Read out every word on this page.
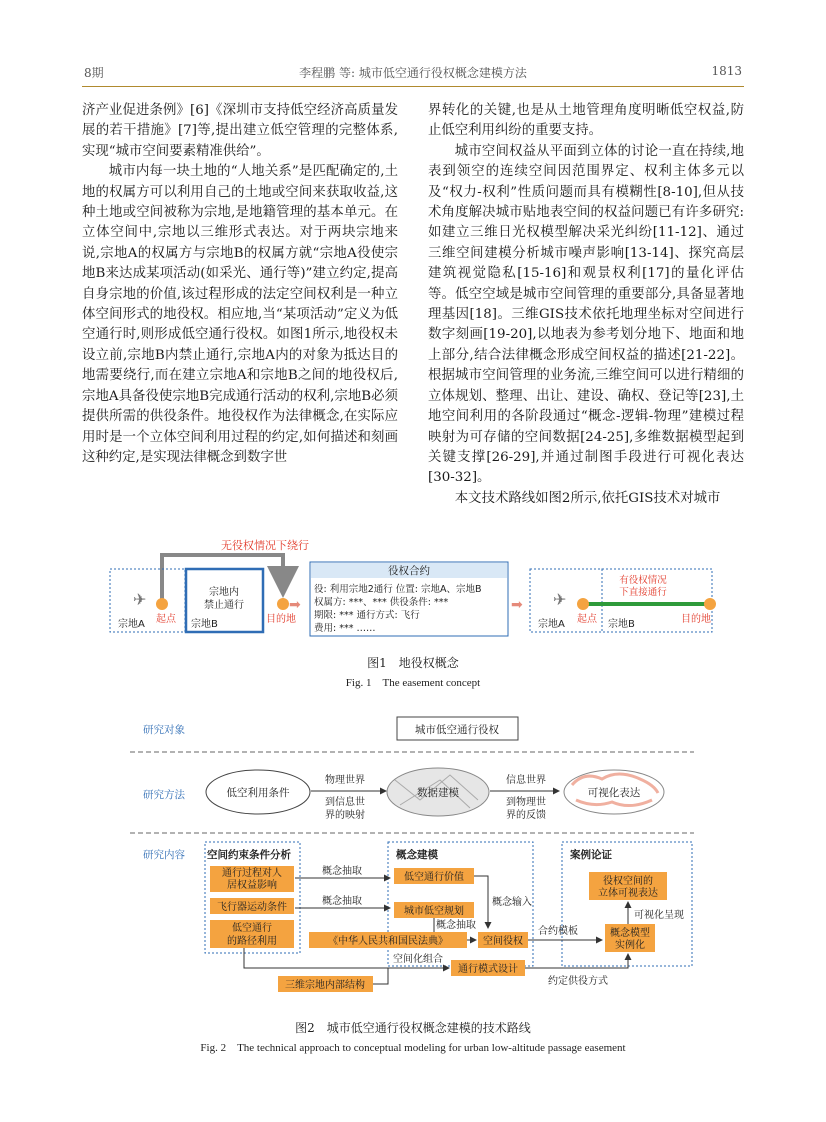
8期	李程鹏 等: 城市低空通行役权概念建模方法	1813

济产业促进条例》[6]《深圳市支持低空经济高质量发展的若干措施》[7]等,提出建立低空管理的完整体系,实现“城市空间要素精准供给”。

城市内每一块土地的“人地关系”是匹配确定的,土地的权属方可以利用自己的土地或空间来获取收益,这种土地或空间被称为宗地,是地籍管理的基本单元。在立体空间中,宗地以三维形式表达。对于两块宗地来说,宗地A的权属方与宗地B的权属方就“宗地A役使宗地B来达成某项活动(如采光、通行等)”建立约定,提高自身宗地的价值,该过程形成的法定空间权利是一种立体空间形式的地役权。相应地,当“某项活动”定义为低空通行时,则形成低空通行役权。如图1所示,地役权未设立前,宗地B内禁止通行,宗地A内的对象为抵达目的地需要绕行,而在建立宗地A和宗地B之间的地役权后,宗地A具备役使宗地B完成通行活动的权利,宗地B必须提供所需的供役条件。地役权作为法律概念,在实际应用时是一个立体空间利用过程的约定,如何描述和刻画这种约定,是实现法律概念到数字世

界转化的关键,也是从土地管理角度明晰低空权益,防止低空利用纠纷的重要支持。

城市空间权益从平面到立体的讨论一直在持续,地表到领空的连续空间因范围界定、权利主体多元以及“权力-权利”性质问题而具有模糊性[8-10],但从技术角度解决城市贴地表空间的权益问题已有许多研究:如建立三维日光权模型解决采光纠纷[11-12]、通过三维空间建模分析城市噪声影响[13-14]、探究高层建筑视觉隐私[15-16]和观景权利[17]的量化评估等。低空空域是城市空间管理的重要部分,具备显著地理基因[18]。三维GIS技术依托地理坐标对空间进行数字刻画[19-20],以地表为参考划分地下、地面和地上部分,结合法律概念形成空间权益的描述[21-22]。根据城市空间管理的业务流,三维空间可以进行精细的立体规划、整理、出让、建设、确权、登记等[23],土地空间利用的各阶段通过“概念-逻辑-物理”建模过程映射为可存储的空间数据[24-25],多维数据模型起到关键支撑[26-29],并通过制图手段进行可视化表达[30-32]。

本文技术路线如图2所示,依托GIS技术对城市

无役权情况下绕行
宗地A
✈
起点
宗地内
禁止通行
宗地B	目的地
➡
役权合约
役: 利用宗地2通行 位置: 宗地A、宗地B
权属方: ***、*** 供役条件: ***
期限: *** 通行方式: 飞行
费用: *** ……
➡
宗地A	宗地B
✈
起点	目的地
有役权情况
下直接通行
图1　地役权概念
Fig. 1　The easement concept
研究对象
研究方法
研究内容
城市低空通行役权
低空利用条件
物理世界
到信息世
界的映射
数据建模
信息世界
到物理世
界的反馈
可视化表达
空间约束条件分析
通行过程对人
居权益影响
飞行器运动条件
低空通行
的路径利用
概念建模
低空通行价值
城市低空规划
《中华人民共和国民法典》	空间役权
通行模式设计
案例论证
役权空间的
立体可视表达
概念模型
实例化
三维宗地内部结构
概念抽取
概念抽取	概念输入
概念抽取
合约模板
可视化呈现
空间化组合
约定供役方式
图2　城市低空通行役权概念建模的技术路线
Fig. 2　The technical approach to conceptual modeling for urban low-altitude passage easement
